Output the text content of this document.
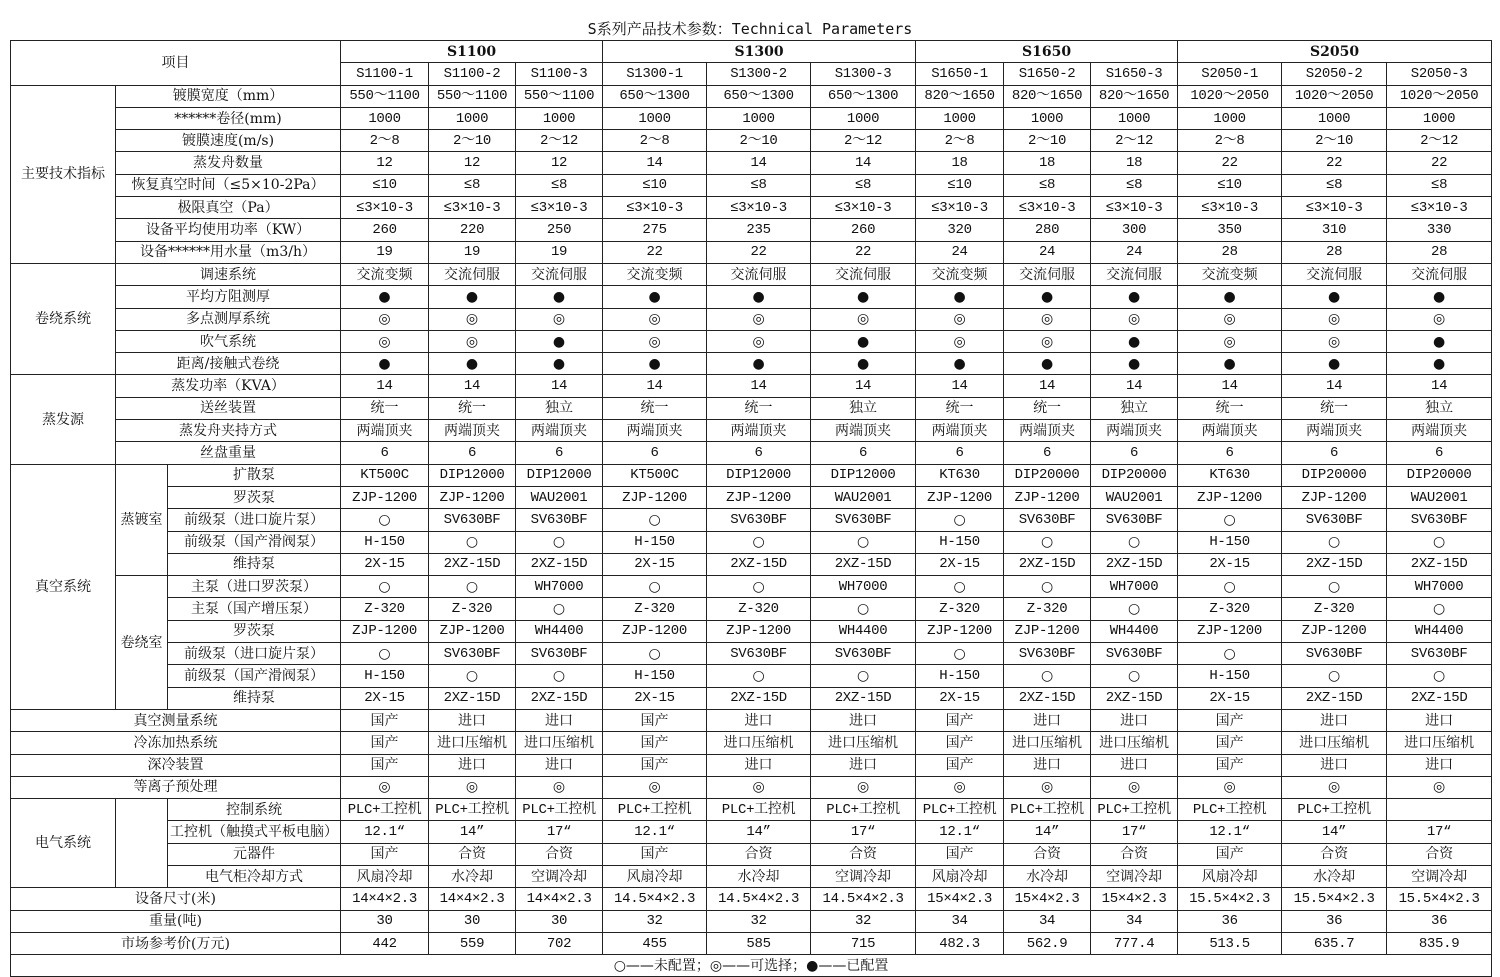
S系列产品技术参数：Technical Parameters
项目			S1100			S1300			S1650			S2050		
			S1100-1	S1100-2	S1100-3	S1300-1	S1300-2	S1300-3	S1650-1	S1650-2	S1650-3	S2050-1	S2050-2	S2050-3
主要技术指标	镀膜宽度（mm）		550～1100	550～1100	550～1100	650～1300	650～1300	650～1300	820～1650	820～1650	820～1650	1020～2050	1020～2050	1020～2050
	******卷径(mm)		1000	1000	1000	1000	1000	1000	1000	1000	1000	1000	1000	1000
	镀膜速度(m/s)		2～8	2～10	2～12	2～8	2～10	2～12	2～8	2～10	2～12	2～8	2～10	2～12
	蒸发舟数量		12	12	12	14	14	14	18	18	18	22	22	22
	恢复真空时间（≤5×10-2Pa）		≤10	≤8	≤8	≤10	≤8	≤8	≤10	≤8	≤8	≤10	≤8	≤8
	极限真空（Pa）		≤3×10-3	≤3×10-3	≤3×10-3	≤3×10-3	≤3×10-3	≤3×10-3	≤3×10-3	≤3×10-3	≤3×10-3	≤3×10-3	≤3×10-3	≤3×10-3
	设备平均使用功率（KW）		260	220	250	275	235	260	320	280	300	350	310	330
	设备******用水量（m3/h）		19	19	19	22	22	22	24	24	24	28	28	28
卷绕系统	调速系统		交流变频	交流伺服	交流伺服	交流变频	交流伺服	交流伺服	交流变频	交流伺服	交流伺服	交流变频	交流伺服	交流伺服
	平均方阻测厚		●	●	●	●	●	●	●	●	●	●	●	●
	多点测厚系统		◎	◎	◎	◎	◎	◎	◎	◎	◎	◎	◎	◎
	吹气系统		◎	◎	●	◎	◎	●	◎	◎	●	◎	◎	●
	距离/接触式卷绕		●	●	●	●	●	●	●	●	●	●	●	●
蒸发源	蒸发功率（KVA）		14	14	14	14	14	14	14	14	14	14	14	14
	送丝装置		统一	统一	独立	统一	统一	独立	统一	统一	独立	统一	统一	独立
	蒸发舟夹持方式		两端顶夹	两端顶夹	两端顶夹	两端顶夹	两端顶夹	两端顶夹	两端顶夹	两端顶夹	两端顶夹	两端顶夹	两端顶夹	两端顶夹
	丝盘重量		6	6	6	6	6	6	6	6	6	6	6	6
真空系统	蒸镀室	扩散泵	KT500C	DIP12000	DIP12000	KT500C	DIP12000	DIP12000	KT630	DIP20000	DIP20000	KT630	DIP20000	DIP20000
		罗茨泵	ZJP-1200	ZJP-1200	WAU2001	ZJP-1200	ZJP-1200	WAU2001	ZJP-1200	ZJP-1200	WAU2001	ZJP-1200	ZJP-1200	WAU2001
		前级泵（进口旋片泵）	○	SV630BF	SV630BF	○	SV630BF	SV630BF	○	SV630BF	SV630BF	○	SV630BF	SV630BF
		前级泵（国产滑阀泵）	H-150	○	○	H-150	○	○	H-150	○	○	H-150	○	○
		维持泵	2X-15	2XZ-15D	2XZ-15D	2X-15	2XZ-15D	2XZ-15D	2X-15	2XZ-15D	2XZ-15D	2X-15	2XZ-15D	2XZ-15D
	卷绕室	主泵（进口罗茨泵）	○	○	WH7000	○	○	WH7000	○	○	WH7000	○	○	WH7000
		主泵（国产增压泵）	Z-320	Z-320	○	Z-320	Z-320	○	Z-320	Z-320	○	Z-320	Z-320	○
		罗茨泵	ZJP-1200	ZJP-1200	WH4400	ZJP-1200	ZJP-1200	WH4400	ZJP-1200	ZJP-1200	WH4400	ZJP-1200	ZJP-1200	WH4400
		前级泵（进口旋片泵）	○	SV630BF	SV630BF	○	SV630BF	SV630BF	○	SV630BF	SV630BF	○	SV630BF	SV630BF
		前级泵（国产滑阀泵）	H-150	○	○	H-150	○	○	H-150	○	○	H-150	○	○
		维持泵	2X-15	2XZ-15D	2XZ-15D	2X-15	2XZ-15D	2XZ-15D	2X-15	2XZ-15D	2XZ-15D	2X-15	2XZ-15D	2XZ-15D
真空测量系统			国产	进口	进口	国产	进口	进口	国产	进口	进口	国产	进口	进口
冷冻加热系统			国产	进口压缩机	进口压缩机	国产	进口压缩机	进口压缩机	国产	进口压缩机	进口压缩机	国产	进口压缩机	进口压缩机
深冷装置			国产	进口	进口	国产	进口	进口	国产	进口	进口	国产	进口	进口
等离子预处理			◎	◎	◎	◎	◎	◎	◎	◎	◎	◎	◎	◎
电气系统		控制系统	PLC+工控机	PLC+工控机	PLC+工控机	PLC+工控机	PLC+工控机	PLC+工控机	PLC+工控机	PLC+工控机	PLC+工控机	PLC+工控机	PLC+工控机	
		工控机（触摸式平板电脑）	12.1“	14”	17“	12.1“	14”	17“	12.1“	14”	17“	12.1“	14”	17“
		元器件	国产	合资	合资	国产	合资	合资	国产	合资	合资	国产	合资	合资
		电气柜冷却方式	风扇冷却	水冷却	空调冷却	风扇冷却	水冷却	空调冷却	风扇冷却	水冷却	空调冷却	风扇冷却	水冷却	空调冷却
设备尺寸(米)			14×4×2.3	14×4×2.3	14×4×2.3	14.5×4×2.3	14.5×4×2.3	14.5×4×2.3	15×4×2.3	15×4×2.3	15×4×2.3	15.5×4×2.3	15.5×4×2.3	15.5×4×2.3
重量(吨)			30	30	30	32	32	32	34	34	34	36	36	36
市场参考价(万元)			442	559	702	455	585	715	482.3	562.9	777.4	513.5	635.7	835.9
○——未配置；◎——可选择；●——已配置														
